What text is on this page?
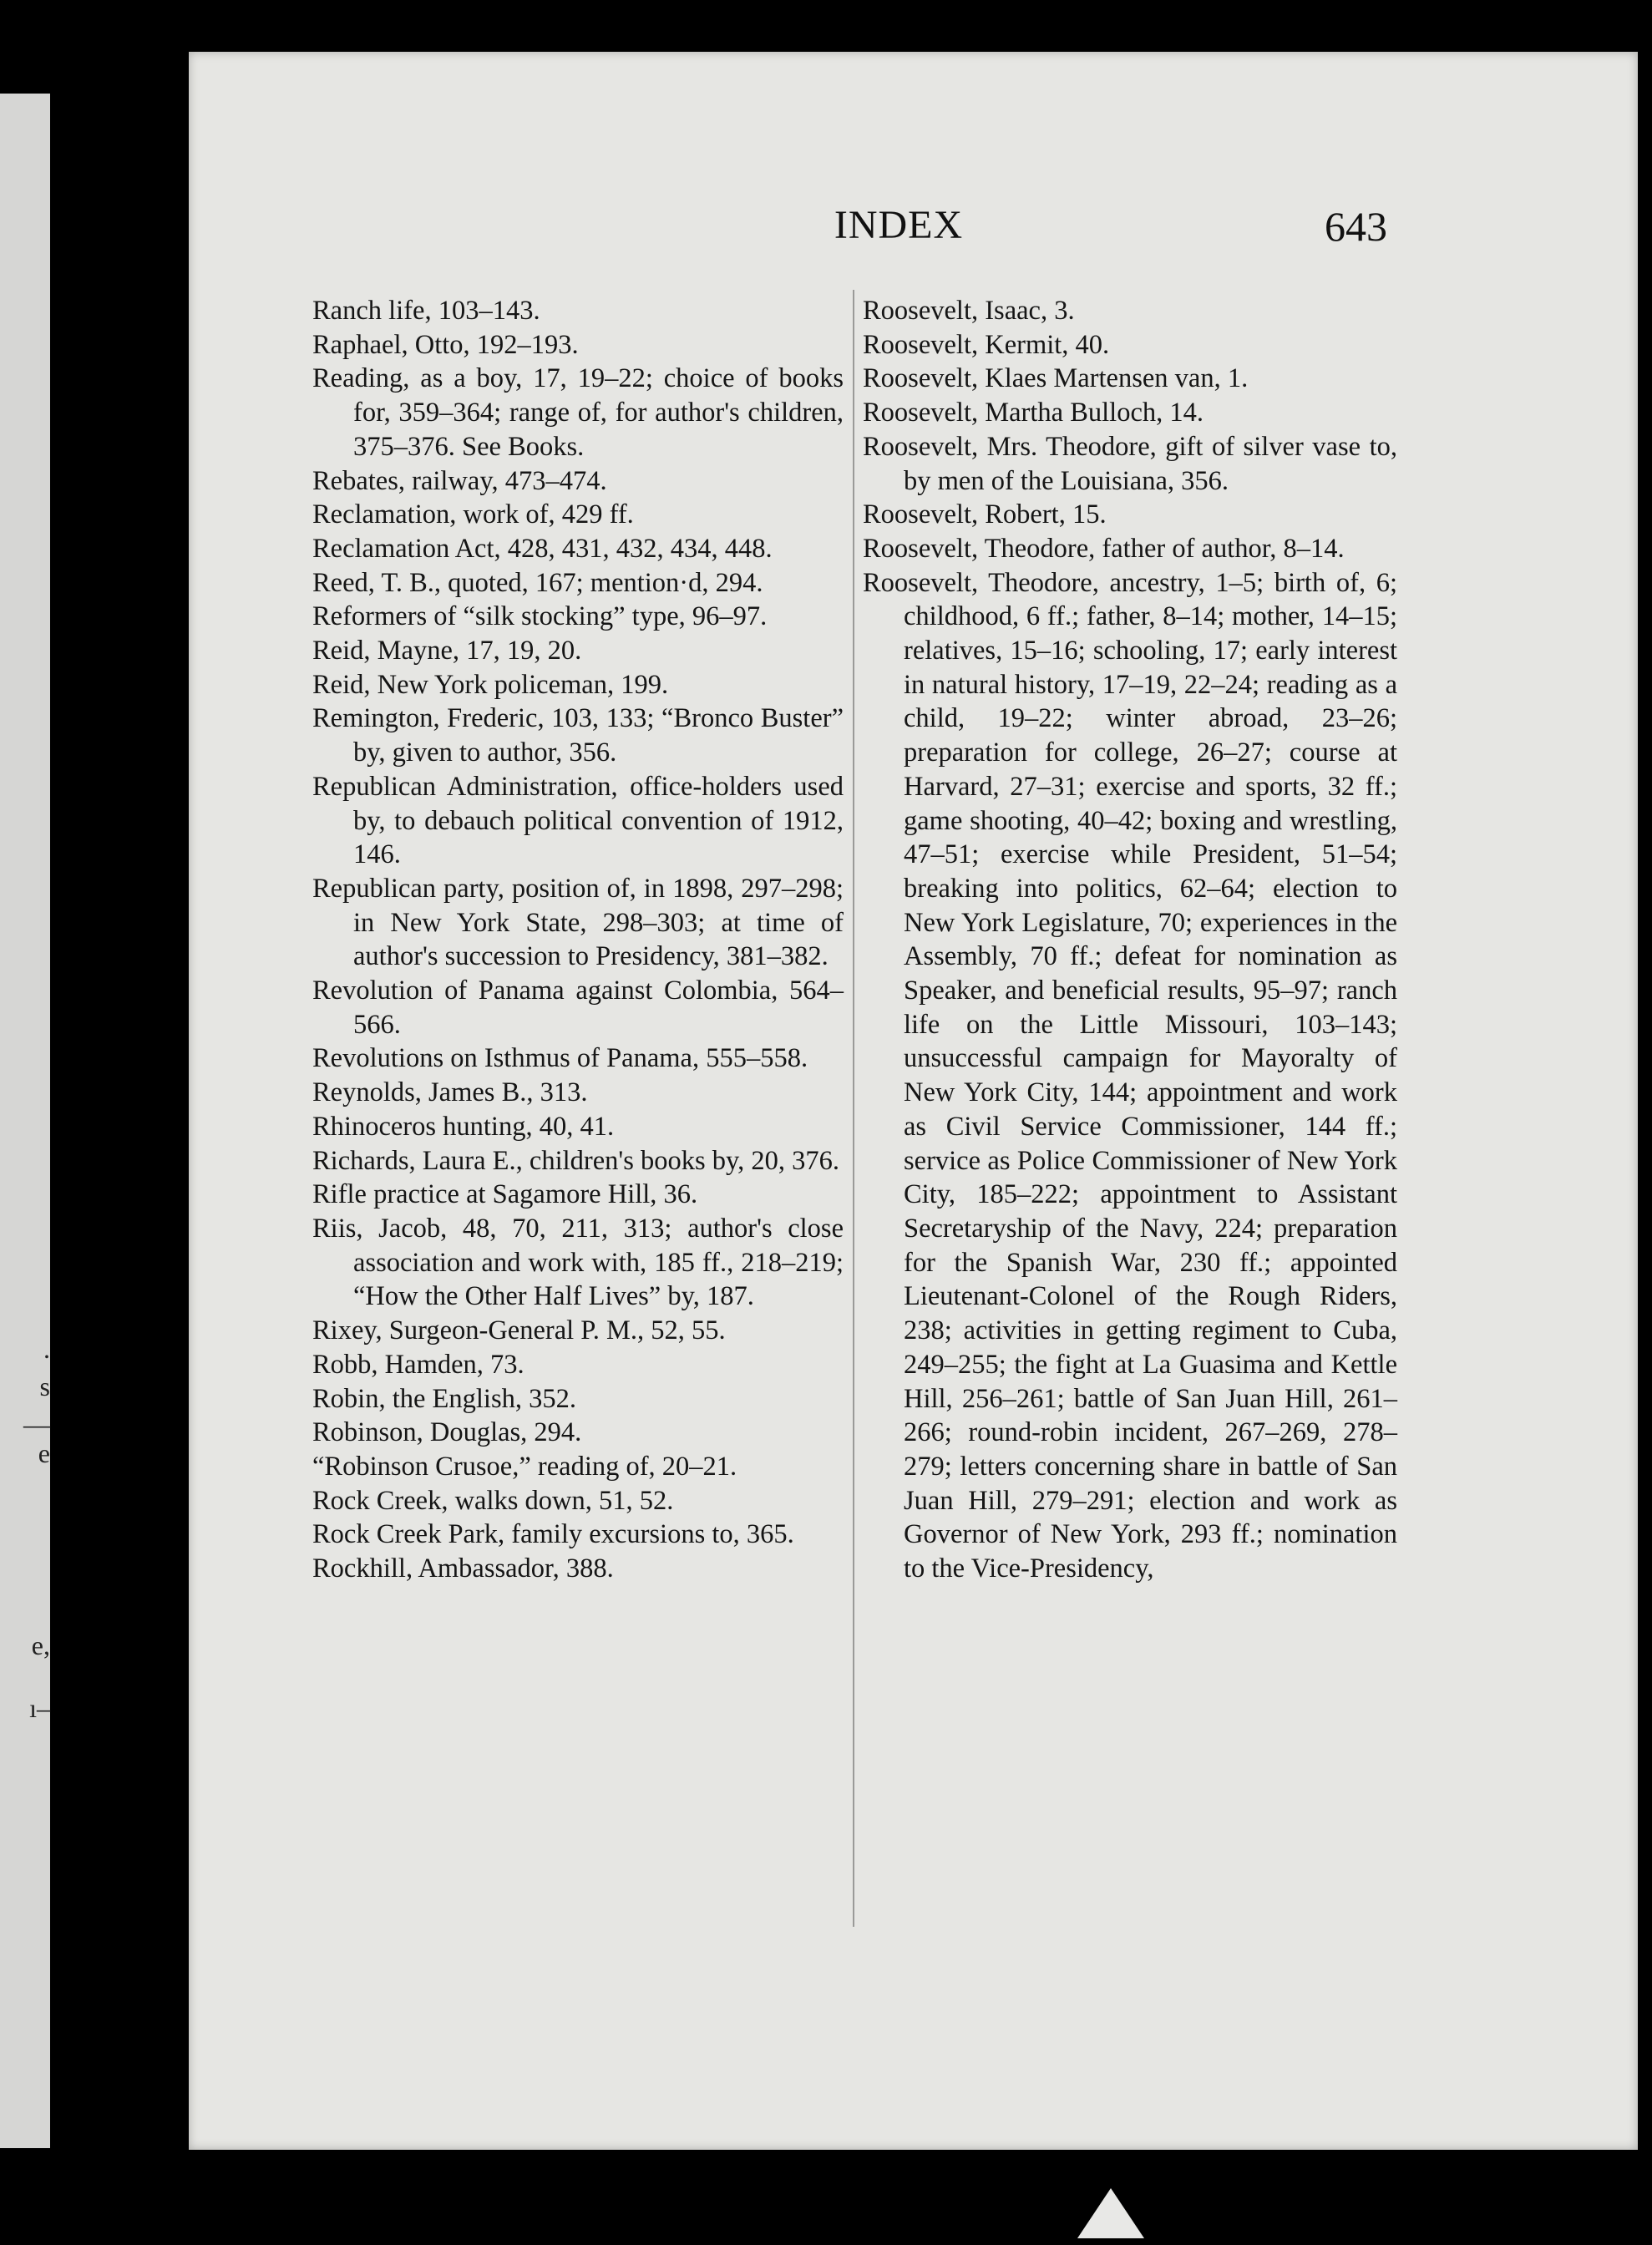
.
s
—
e
e,
ı–
INDEX	643

Ranch life, 103–143.

Raphael, Otto, 192–193.

Reading, as a boy, 17, 19–22; choice of books for, 359–364; range of, for author's children, 375–376. See Books.

Rebates, railway, 473–474.

Reclamation, work of, 429 ff.

Reclamation Act, 428, 431, 432, 434, 448.

Reed, T. B., quoted, 167; mention·d, 294.

Reformers of “silk stocking” type, 96–97.

Reid, Mayne, 17, 19, 20.

Reid, New York policeman, 199.

Remington, Frederic, 103, 133; “Bronco Buster” by, given to author, 356.

Republican Administration, office-holders used by, to debauch political convention of 1912, 146.

Republican party, position of, in 1898, 297–298; in New York State, 298–303; at time of author's succession to Presidency, 381–382.

Revolution of Panama against Colombia, 564–566.

Revolutions on Isthmus of Panama, 555–558.

Reynolds, James B., 313.

Rhinoceros hunting, 40, 41.

Richards, Laura E., children's books by, 20, 376.

Rifle practice at Sagamore Hill, 36.

Riis, Jacob, 48, 70, 211, 313; author's close association and work with, 185 ff., 218–219; “How the Other Half Lives” by, 187.

Rixey, Surgeon-General P. M., 52, 55.

Robb, Hamden, 73.

Robin, the English, 352.

Robinson, Douglas, 294.

“Robinson Crusoe,” reading of, 20–21.

Rock Creek, walks down, 51, 52.

Rock Creek Park, family excursions to, 365.

Rockhill, Ambassador, 388.

Roosevelt, Isaac, 3.

Roosevelt, Kermit, 40.

Roosevelt, Klaes Martensen van, 1.

Roosevelt, Martha Bulloch, 14.

Roosevelt, Mrs. Theodore, gift of silver vase to, by men of the Louisiana, 356.

Roosevelt, Robert, 15.

Roosevelt, Theodore, father of author, 8–14.

Roosevelt, Theodore, ancestry, 1–5; birth of, 6; childhood, 6 ff.; father, 8–14; mother, 14–15; relatives, 15–16; schooling, 17; early interest in natural history, 17–19, 22–24; reading as a child, 19–22; winter abroad, 23–26; preparation for college, 26–27; course at Harvard, 27–31; exercise and sports, 32 ff.; game shooting, 40–42; boxing and wrestling, 47–51; exercise while President, 51–54; breaking into politics, 62–64; election to New York Legislature, 70; experiences in the Assembly, 70 ff.; defeat for nomination as Speaker, and beneficial results, 95–97; ranch life on the Little Missouri, 103–143; unsuccessful campaign for Mayoralty of New York City, 144; appointment and work as Civil Service Commissioner, 144 ff.; service as Police Commissioner of New York City, 185–222; appointment to Assistant Secretaryship of the Navy, 224; preparation for the Spanish War, 230 ff.; appointed Lieutenant-Colonel of the Rough Riders, 238; activities in getting regiment to Cuba, 249–255; the fight at La Guasima and Kettle Hill, 256–261; battle of San Juan Hill, 261–266; round-robin incident, 267–269, 278–279; letters concerning share in battle of San Juan Hill, 279–291; election and work as Governor of New York, 293 ff.; nomination to the Vice-Presidency,
